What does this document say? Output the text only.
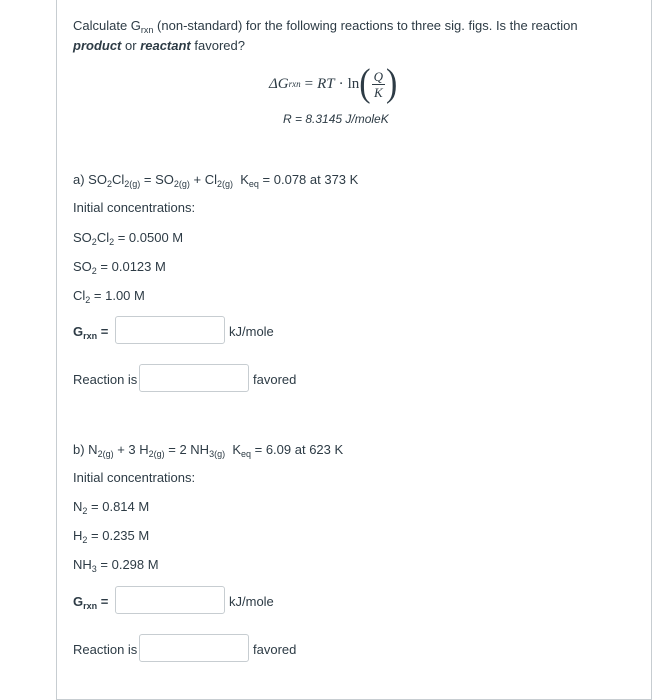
Calculate $G_{rxn}$ (non-standard) for the following reactions to three sig. figs. Is the reaction
product or reactant favored?
ΔG rxn = RT · ln ( $\frac{Q}{K}$ )
R = 8.3145 J/moleK
a) $SO_2Cl_{2(g)} = SO_{2(g)} + Cl_{2(g)}$ $K_{eq} = 0.078$ at 373 K
Initial concentrations:
$SO_2Cl_2 = 0.0500$ M
$SO_2 = 0.0123$ M
$Cl_2 = 1.00$ M
$G_{rxn}$ =	kJ/mole
Reaction is	favored
b) $N_{2(g)} + 3$ $H_{2(g)} = 2$ $NH_{3(g)}$ $K_{eq} = 6.09$ at 623 K
Initial concentrations:
$N_2 = 0.814$ M
$H_2 = 0.235$ M
$NH_3 = 0.298$ M
$G_{rxn}$ =	kJ/mole
Reaction is	favored
